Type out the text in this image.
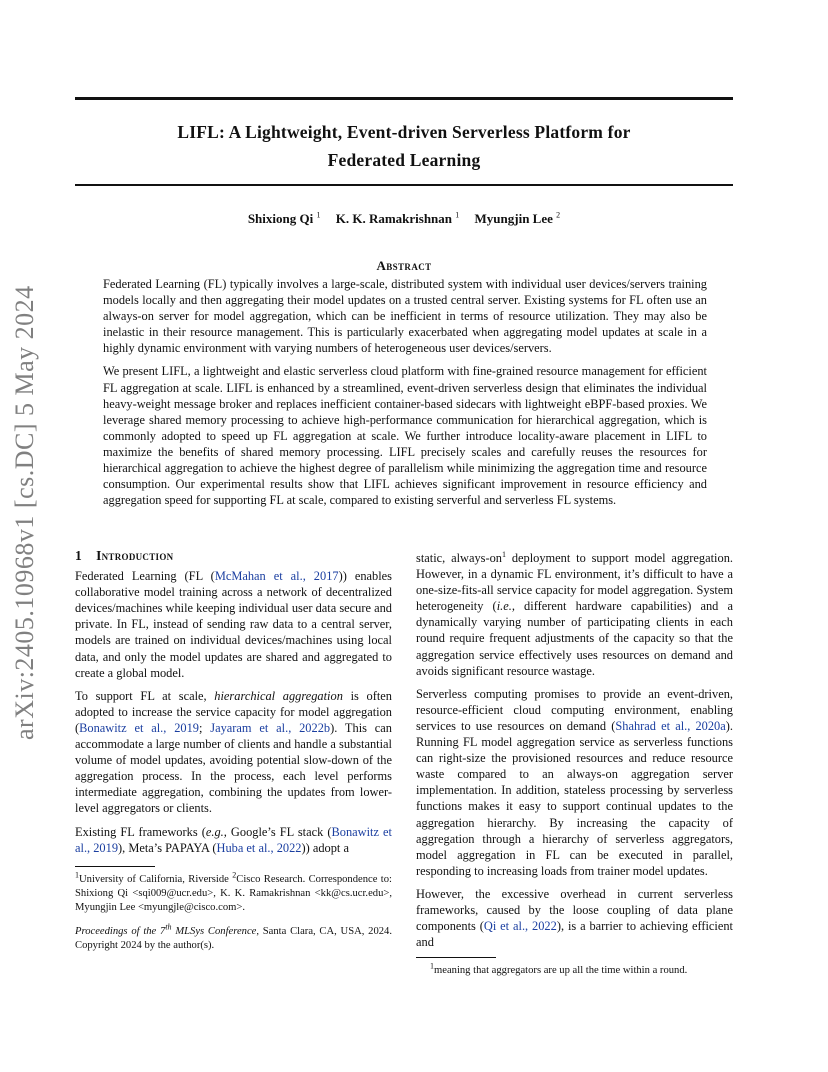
LIFL: A Lightweight, Event-driven Serverless Platform for
Federated Learning
Shixiong Qi $^1$ K. K. Ramakrishnan $^1$ Myungjin Lee $^2$
Abstract

Federated Learning (FL) typically involves a large-scale, distributed system with individual user devices/servers training models locally and then aggregating their model updates on a trusted central server. Existing systems for FL often use an always-on server for model aggregation, which can be inefficient in terms of resource utilization. They may also be inelastic in their resource management. This is particularly exacerbated when aggregating model updates at scale in a highly dynamic environment with varying numbers of heterogeneous user devices/servers.

We present LIFL, a lightweight and elastic serverless cloud platform with fine-grained resource management for efficient FL aggregation at scale. LIFL is enhanced by a streamlined, event-driven serverless design that eliminates the individual heavy-weight message broker and replaces inefficient container-based sidecars with lightweight eBPF-based proxies. We leverage shared memory processing to achieve high-performance communication for hierarchical aggregation, which is commonly adopted to speed up FL aggregation at scale. We further introduce locality-aware placement in LIFL to maximize the benefits of shared memory processing. LIFL precisely scales and carefully reuses the resources for hierarchical aggregation to achieve the highest degree of parallelism while minimizing the aggregation time and resource consumption. Our experimental results show that LIFL achieves significant improvement in resource efficiency and aggregation speed for supporting FL at scale, compared to existing serverful and serverless FL systems.

arXiv:2405.10968v1 [cs.DC] 5 May 2024	1 Introduction

Federated Learning (FL (McMahan et al., 2017)) enables collaborative model training across a network of decentralized devices/machines while keeping individual user data secure and private. In FL, instead of sending raw data to a central server, models are trained on individual devices/machines using local data, and only the model updates are shared and aggregated to create a global model.

To support FL at scale, hierarchical aggregation is often adopted to increase the service capacity for model aggregation (Bonawitz et al., 2019; Jayaram et al., 2022b). This can accommodate a large number of clients and handle a substantial volume of model updates, avoiding potential slow-down of the aggregation process. In the process, each level performs intermediate aggregation, combining the updates from lower-level aggregators or clients.

Existing FL frameworks (e.g., Google’s FL stack (Bonawitz et al., 2019), Meta’s PAPAYA (Huba et al., 2022)) adopt a

$^1$University of California, Riverside $^2$Cisco Research. Correspondence to: Shixiong Qi <sqi009@ucr.edu>, K. K. Ramakrishnan <kk@cs.ucr.edu>, Myungjin Lee <myungjle@cisco.com>.
Proceedings of the 7th MLSys Conference, Santa Clara, CA, USA, 2024. Copyright 2024 by the author(s).

static, always-$on^1$ deployment to support model aggregation. However, in a dynamic FL environment, it’s difficult to have a one-size-fits-all service capacity for model aggregation. System heterogeneity (i.e., different hardware capabilities) and a dynamically varying number of participating clients in each round require frequent adjustments of the capacity so that the aggregation service effectively uses resources on demand and avoids significant resource wastage.

Serverless computing promises to provide an event-driven, resource-efficient cloud computing environment, enabling services to use resources on demand (Shahrad et al., 2020a). Running FL model aggregation service as serverless functions can right-size the provisioned resources and reduce resource waste compared to an always-on aggregation server implementation. In addition, stateless processing by serverless functions makes it easy to support continual updates to the aggregation hierarchy. By increasing the capacity of aggregation through a hierarchy of serverless aggregators, model aggregation in FL can be executed in parallel, responding to increasing loads from trainer model updates.

However, the excessive overhead in current serverless frameworks, caused by the loose coupling of data plane components (Qi et al., 2022), is a barrier to achieving efficient and

$^1$meaning that aggregators are up all the time within a round.
